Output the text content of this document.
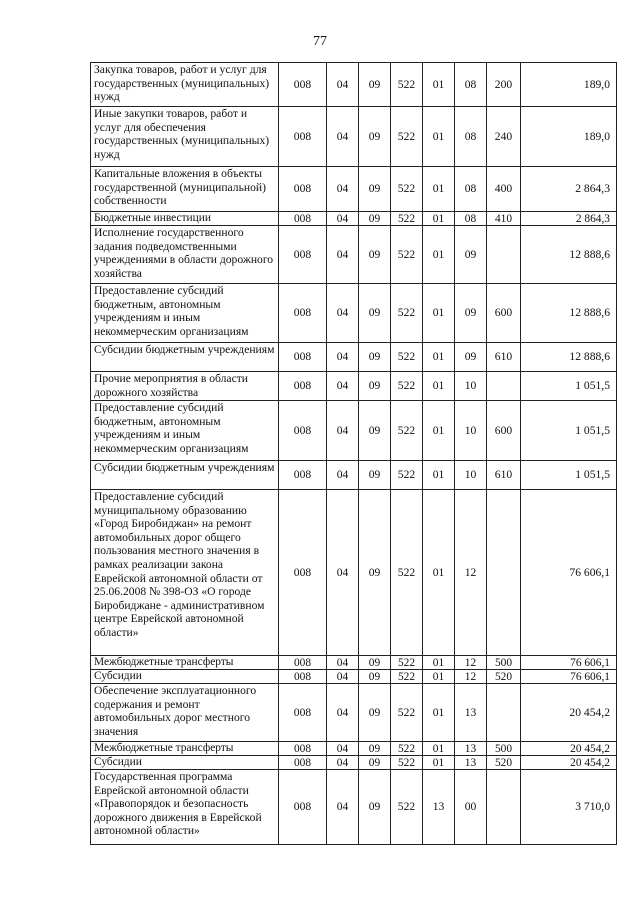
77
Закупка товаров, работ и услуг для государственных (муниципальных) нужд	008	04	09	522	01	08	200	189,0
Иные закупки товаров, работ и услуг для обеспечения государственных (муниципальных) нужд	008	04	09	522	01	08	240	189,0
Капитальные вложения в объекты государственной (муниципальной) собственности	008	04	09	522	01	08	400	2 864,3
Бюджетные инвестиции	008	04	09	522	01	08	410	2 864,3
Исполнение государственного задания подведомственными учреждениями в области дорожного хозяйства	008	04	09	522	01	09		12 888,6
Предоставление субсидий бюджетным, автономным учреждениям и иным некоммерческим организациям	008	04	09	522	01	09	600	12 888,6
Субсидии бюджетным учреждениям	008	04	09	522	01	09	610	12 888,6
Прочие мероприятия в области дорожного хозяйства	008	04	09	522	01	10		1 051,5
Предоставление субсидий бюджетным, автономным учреждениям и иным некоммерческим организациям	008	04	09	522	01	10	600	1 051,5
Субсидии бюджетным учреждениям	008	04	09	522	01	10	610	1 051,5
Предоставление субсидий муниципальному образованию «Город Биробиджан» на ремонт автомобильных дорог общего пользования местного значения в рамках реализации закона Еврейской автономной области от 25.06.2008 № 398-ОЗ «О городе Биробиджане - административном центре Еврейской автономной области»	008	04	09	522	01	12		76 606,1
Межбюджетные трансферты	008	04	09	522	01	12	500	76 606,1
Субсидии	008	04	09	522	01	12	520	76 606,1
Обеспечение эксплуатационного содержания и ремонт автомобильных дорог местного значения	008	04	09	522	01	13		20 454,2
Межбюджетные трансферты	008	04	09	522	01	13	500	20 454,2
Субсидии	008	04	09	522	01	13	520	20 454,2
Государственная программа Еврейской автономной области «Правопорядок и безопасность дорожного движения в Еврейской автономной области»	008	04	09	522	13	00		3 710,0
